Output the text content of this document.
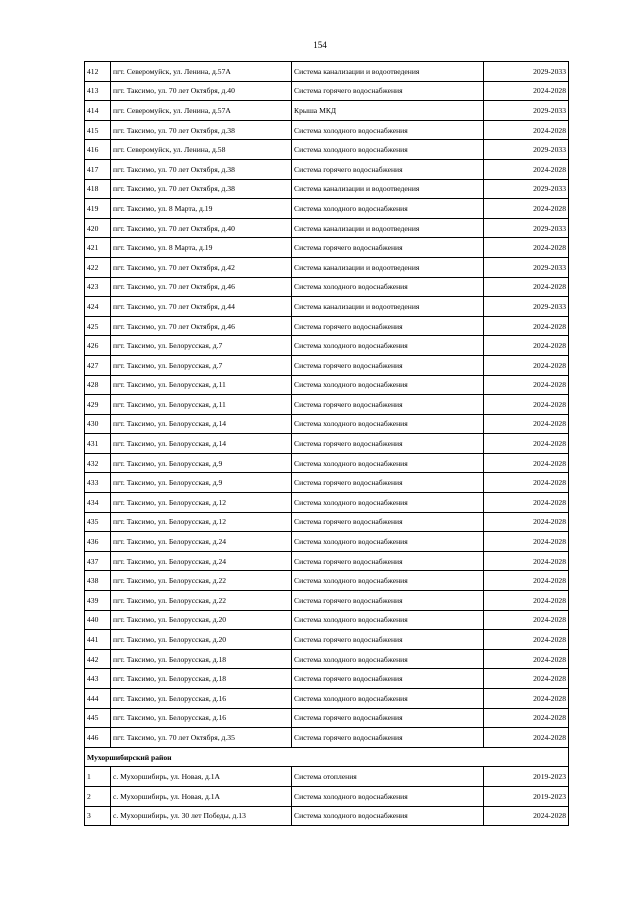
154
412	пгт. Северомуйск, ул. Ленина, д.57А	Система канализации и водоотведения	2029-2033
413	пгт. Таксимо, ул. 70 лет Октября, д.40	Система горячего водоснабжения	2024-2028
414	пгт. Северомуйск, ул. Ленина, д.57А	Крыша МКД	2029-2033
415	пгт. Таксимо, ул. 70 лет Октября, д.38	Система холодного водоснабжения	2024-2028
416	пгт. Северомуйск, ул. Ленина, д.58	Система холодного водоснабжения	2029-2033
417	пгт. Таксимо, ул. 70 лет Октября, д.38	Система горячего водоснабжения	2024-2028
418	пгт. Таксимо, ул. 70 лет Октября, д.38	Система канализации и водоотведения	2029-2033
419	пгт. Таксимо, ул. 8 Марта, д.19	Система холодного водоснабжения	2024-2028
420	пгт. Таксимо, ул. 70 лет Октября, д.40	Система канализации и водоотведения	2029-2033
421	пгт. Таксимо, ул. 8 Марта, д.19	Система горячего водоснабжения	2024-2028
422	пгт. Таксимо, ул. 70 лет Октября, д.42	Система канализации и водоотведения	2029-2033
423	пгт. Таксимо, ул. 70 лет Октября, д.46	Система холодного водоснабжения	2024-2028
424	пгт. Таксимо, ул. 70 лет Октября, д.44	Система канализации и водоотведения	2029-2033
425	пгт. Таксимо, ул. 70 лет Октября, д.46	Система горячего водоснабжения	2024-2028
426	пгт. Таксимо, ул. Белорусская, д.7	Система холодного водоснабжения	2024-2028
427	пгт. Таксимо, ул. Белорусская, д.7	Система горячего водоснабжения	2024-2028
428	пгт. Таксимо, ул. Белорусская, д.11	Система холодного водоснабжения	2024-2028
429	пгт. Таксимо, ул. Белорусская, д.11	Система горячего водоснабжения	2024-2028
430	пгт. Таксимо, ул. Белорусская, д.14	Система холодного водоснабжения	2024-2028
431	пгт. Таксимо, ул. Белорусская, д.14	Система горячего водоснабжения	2024-2028
432	пгт. Таксимо, ул. Белорусская, д.9	Система холодного водоснабжения	2024-2028
433	пгт. Таксимо, ул. Белорусская, д.9	Система горячего водоснабжения	2024-2028
434	пгт. Таксимо, ул. Белорусская, д.12	Система холодного водоснабжения	2024-2028
435	пгт. Таксимо, ул. Белорусская, д.12	Система горячего водоснабжения	2024-2028
436	пгт. Таксимо, ул. Белорусская, д.24	Система холодного водоснабжения	2024-2028
437	пгт. Таксимо, ул. Белорусская, д.24	Система горячего водоснабжения	2024-2028
438	пгт. Таксимо, ул. Белорусская, д.22	Система холодного водоснабжения	2024-2028
439	пгт. Таксимо, ул. Белорусская, д.22	Система горячего водоснабжения	2024-2028
440	пгт. Таксимо, ул. Белорусская, д.20	Система холодного водоснабжения	2024-2028
441	пгт. Таксимо, ул. Белорусская, д.20	Система горячего водоснабжения	2024-2028
442	пгт. Таксимо, ул. Белорусская, д.18	Система холодного водоснабжения	2024-2028
443	пгт. Таксимо, ул. Белорусская, д.18	Система горячего водоснабжения	2024-2028
444	пгт. Таксимо, ул. Белорусская, д.16	Система холодного водоснабжения	2024-2028
445	пгт. Таксимо, ул. Белорусская, д.16	Система горячего водоснабжения	2024-2028
446	пгт. Таксимо, ул. 70 лет Октября, д.35	Система горячего водоснабжения	2024-2028
Мухоршибирский район			
1	с. Мухоршибирь, ул. Новая, д.1А	Система отопления	2019-2023
2	с. Мухоршибирь, ул. Новая, д.1А	Система холодного водоснабжения	2019-2023
3	с. Мухоршибирь, ул. 30 лет Победы, д.13	Система холодного водоснабжения	2024-2028
